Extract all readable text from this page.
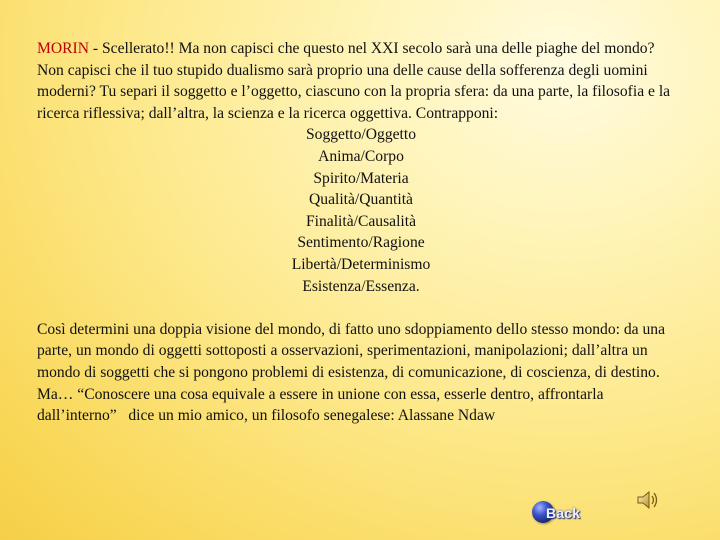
MORIN - Scellerato!! Ma non capisci che questo nel XXI secolo sarà una delle piaghe del mondo? Non capisci che il tuo stupido dualismo sarà proprio una delle cause della sofferenza degli uomini moderni? Tu separi il soggetto e l’oggetto, ciascuno con la propria sfera: da una parte, la filosofia e la ricerca riflessiva; dall’altra, la scienza e la ricerca oggettiva. Contrapponi:

Soggetto/Oggetto
Anima/Corpo
Spirito/Materia
Qualità/Quantità
Finalità/Causalità
Sentimento/Ragione
Libertà/Determinismo
Esistenza/Essenza.

Così determini una doppia visione del mondo, di fatto uno sdoppiamento dello stesso mondo: da una parte, un mondo di oggetti sottoposti a osservazioni, sperimentazioni, manipolazioni; dall’altra un mondo di soggetti che si pongono problemi di esistenza, di comunicazione, di coscienza, di destino.

Ma… “Conoscere una cosa equivale a essere in unione con essa, esserle dentro, affrontarla dall’interno”   dice un mio amico, un filosofo senegalese: Alassane Ndaw

Back
